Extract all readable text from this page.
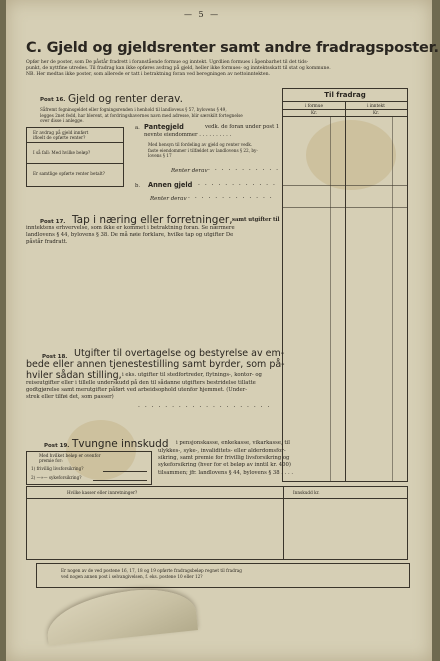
— 5 —
C. Gjeld og gjeldsrenter samt andre fradragsposter.
Opfør her de poster, som De påstår fradrett i foranstående formue og inntekt. Ugrdlien formues i åpenbarhet til det tids-
punkt, de nyttfine utredes. Til fradrag kan ikke opføres avdrag på gjeld, heller ikke formues- og inntektsskatt til stat og kommune.
NB. Her medtas ikke poster, som allerede er tatt i betraktning foran ved beregningen av nettoinntekten.
Til fradrag
i formue	i inntekt
Kr.	Kr.
Post 16. Gjeld og renter derav.
Såfremt fogninsgeldet eller fogningsrenden i henhold til landloveus § 57, bylovens § 49,
legges 2net fedd, har blerent, at fordringshavernes navn med adresse, blir særskilt fortegnelse
over disse i anlegge.
Er avdrag på gjeld innført
ifloelt de opførte renter?
I så fall: Med hvilke beløp?
Er samtlige opførte renter betalt?
a. Pantegjeld	vedk. de foran under post 1
nevnte eiendommer . . . . . . . . . .
Med hensyn til fordeling av gjeld og renter vedk.
faste eiendommer i tilfældet av landlovens § 22, by-
lovens § 17
Renter derav . . . . . . . . . . .
b. Annen gjeld . . . . . . . . . . . .
Renter derav . . . . . . . . . . . . .
Post 17. Tap i næring eller forretninger, samt utgifter til
inntektens erhvervelse, som ikke er kommet i betraktning foran. Se nærmere
landlovens § 44, bylovens § 38. De må nøie forklare, hvilke tap og utgifter De
påstår fradratt.
Post 18. Utgifter til overtagelse og bestyrelse av em-
bede eller annen tjenestestilling samt byrder, som på-
hviler sådan stilling, i eks. utgifter til stedfortreder, flytnings-, kontor- og
reiseutgifter eller i tillelle underskudd på den til sådanne utgifters bestridelse tillatte
godtgjørelse samt merutgifter påført ved arbeidsophold utenfor hjemmet. (Under-
strek eller tilføi det, som passer)
. . . . . . . . . . . . . . . . . . . .
Post 19. Tvungne innskudd i pensjonskasse, enkekasse, vikarkasse, til
ulykkes-, syke-, invaliditets- eller alderdomsfor-
sikring, samt premie for frivillig livsforsikring og
sykeforsikring (hver for et beløp av inntil kr. 400)
tilsammen; jfr. landlovens § 44, bylovens § 38 . . . .
Med hvilket beløp er ovenfor
premie for:
1) frivillig livsforsikring?
2) —»— sykeforsikring?
Hvilke kasser eller innretninger?	Innskudd kr.
Er nogen av de ved postene 16, 17, 18 og 19 opførte fradragsbeløp regnet til fradrag
ved nogen annen post i selvangivelsen, f. eks. postene 10 eller 12?
